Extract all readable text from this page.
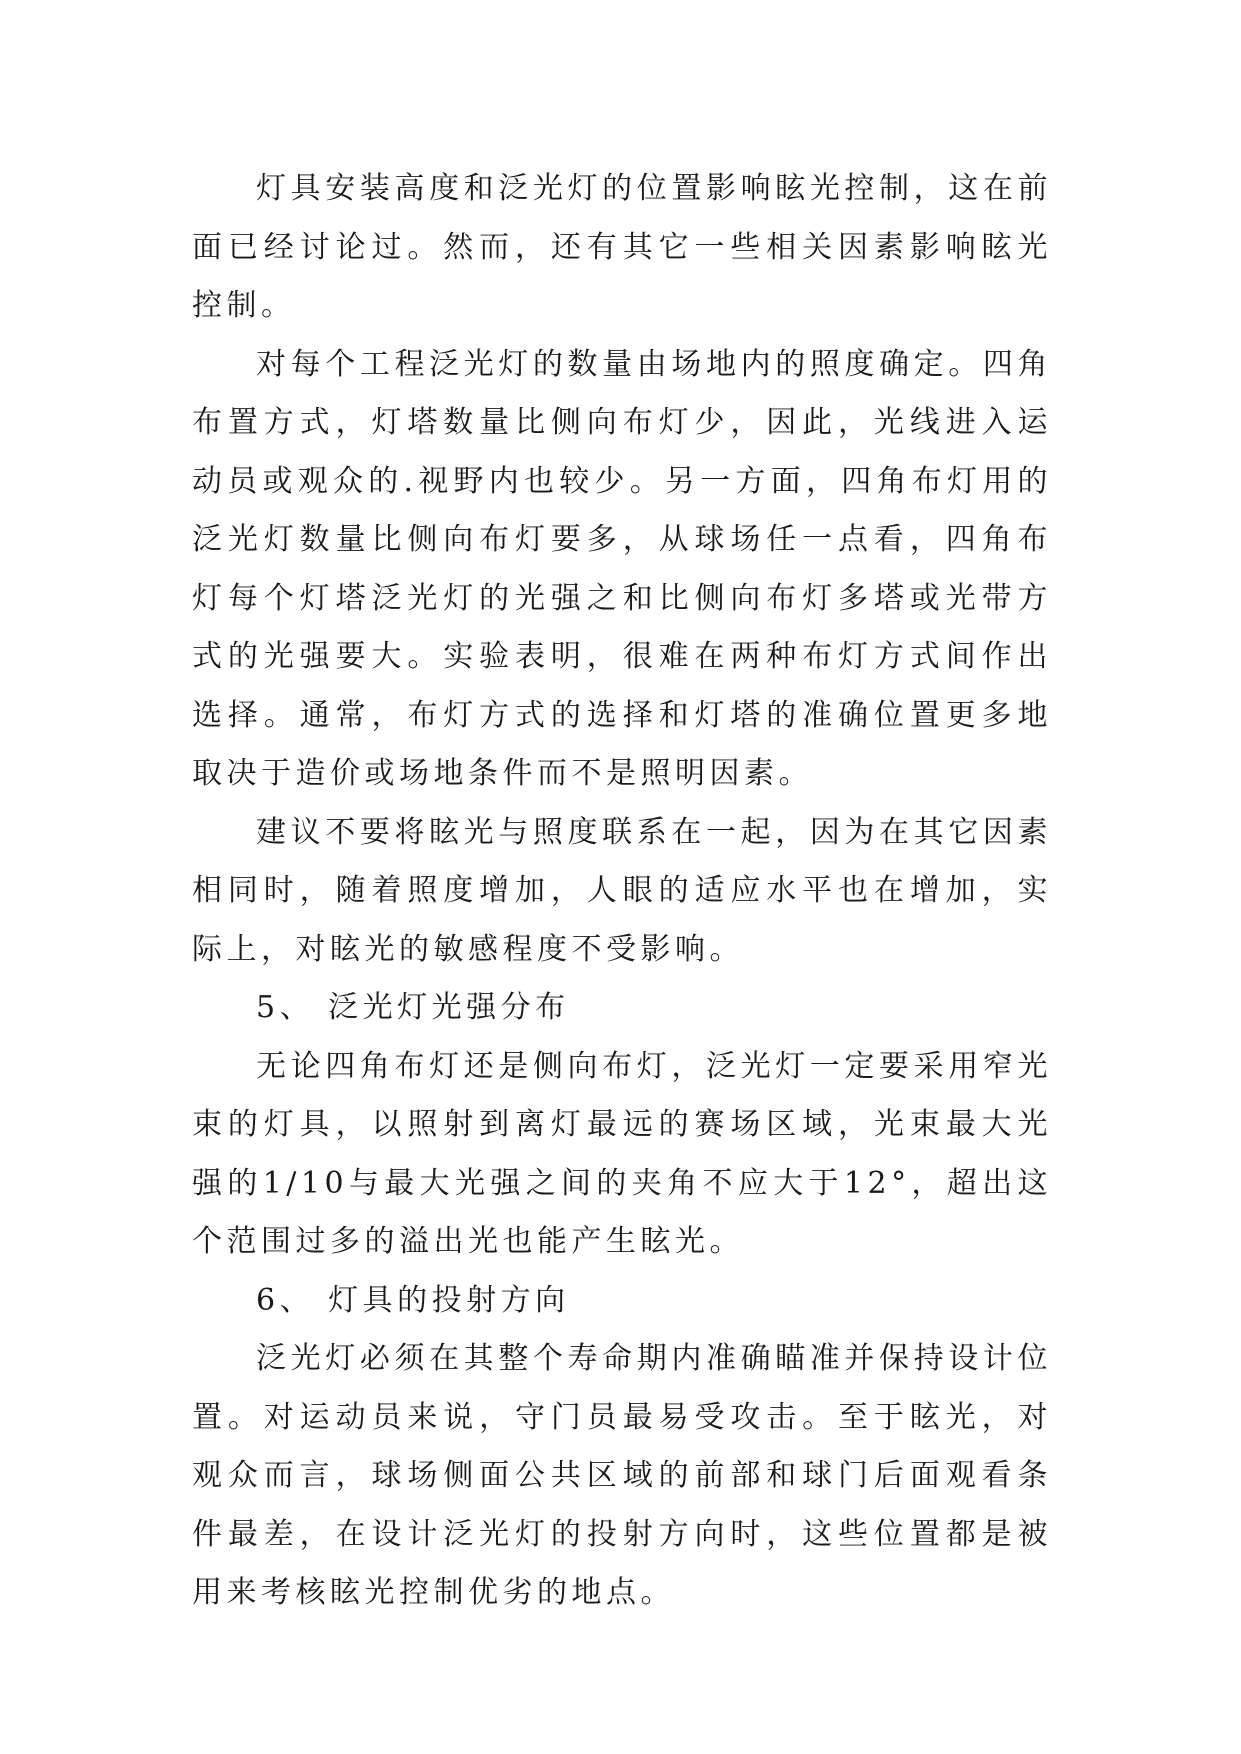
灯具安装高度和泛光灯的位置影响眩光控制，这在前面已经讨论过。然而，还有其它一些相关因素影响眩光控制。

对每个工程泛光灯的数量由场地内的照度确定。四角布置方式，灯塔数量比侧向布灯少，因此，光线进入运动员或观众的.视野内也较少。另一方面，四角布灯用的泛光灯数量比侧向布灯要多，从球场任一点看，四角布灯每个灯塔泛光灯的光强之和比侧向布灯多塔或光带方式的光强要大。实验表明，很难在两种布灯方式间作出选择。通常，布灯方式的选择和灯塔的准确位置更多地取决于造价或场地条件而不是照明因素。

建议不要将眩光与照度联系在一起，因为在其它因素相同时，随着照度增加，人眼的适应水平也在增加，实际上，对眩光的敏感程度不受影响。

5、 泛光灯光强分布

无论四角布灯还是侧向布灯，泛光灯一定要采用窄光束的灯具，以照射到离灯最远的赛场区域，光束最大光强的1/10与最大光强之间的夹角不应大于12°，超出这个范围过多的溢出光也能产生眩光。

6、 灯具的投射方向

泛光灯必须在其整个寿命期内准确瞄准并保持设计位置。对运动员来说，守门员最易受攻击。至于眩光，对观众而言，球场侧面公共区域的前部和球门后面观看条件最差，在设计泛光灯的投射方向时，这些位置都是被用来考核眩光控制优劣的地点。
